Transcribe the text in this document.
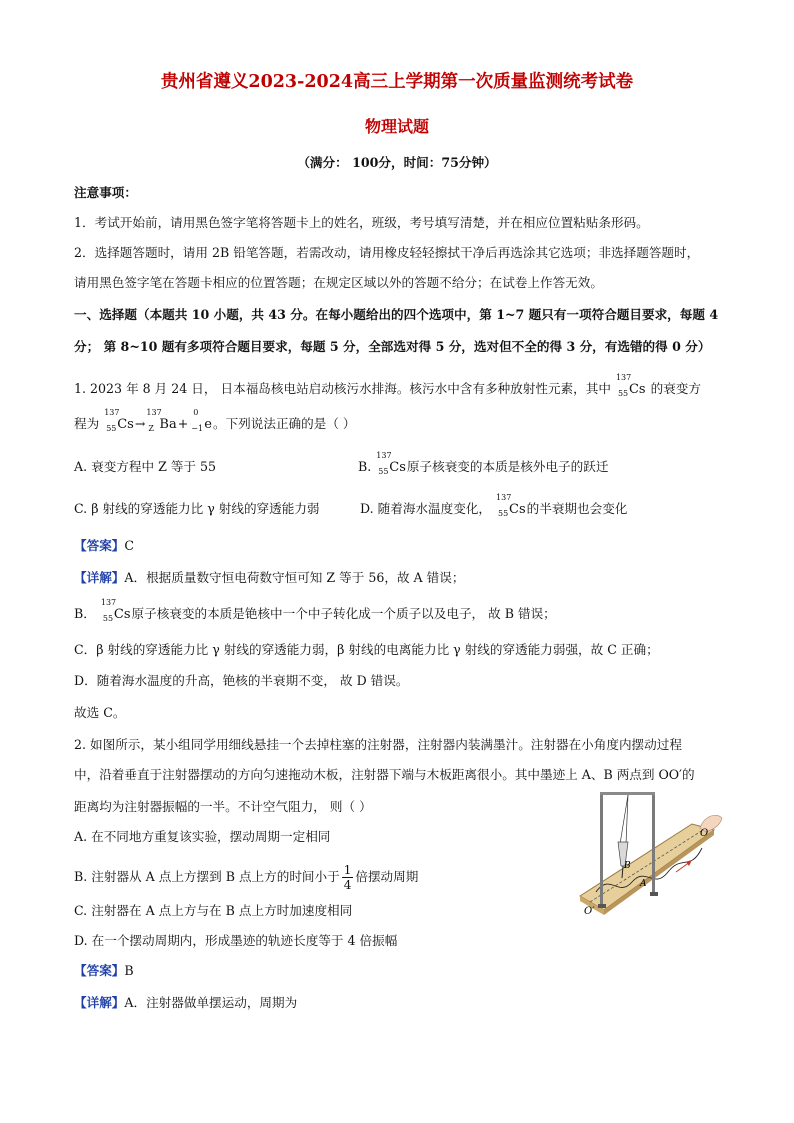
贵州省遵义2023-2024高三上学期第一次质量监测统考试卷
物理试题
（满分： 100分，时间：75分钟）
注意事项：
1．考试开始前，请用黑色签字笔将答题卡上的姓名，班级，考号填写清楚，并在相应位置粘贴条形码。
2．选择题答题时，请用 2B 铅笔答题，若需改动，请用橡皮轻轻擦拭干净后再选涂其它选项；非选择题答题时，
请用黑色签字笔在答题卡相应的位置答题；在规定区域以外的答题不给分；在试卷上作答无效。
一、选择题（本题共 10 小题，共 43 分。在每小题给出的四个选项中，第 1~7 题只有一项符合题目要求，每题 4
分； 第 8~10 题有多项符合题目要求，每题 5 分，全部选对得 5 分，选对但不全的得 3 分，有选错的得 0 分）
1. 2023 年 8 月 24 日， 日本福岛核电站启动核污水排海。核污水中含有多种放射性元素，其中
137
55 Cs 的衰变方
程为
137
55 Cs→
137
Z Ba+
0
−1 e。下列说法正确的是（ ）
A. 衰变方程中 Z 等于 55	B.
137
55 Cs原子核衰变的本质是核外电子的跃迁
C. β 射线的穿透能力比 γ 射线的穿透能力弱	D. 随着海水温度变化，
137
55 Cs的半衰期也会变化
【答案】C
【详解】A．根据质量数守恒电荷数守恒可知 Z 等于 56，故 A 错误；
B．
137
55 Cs原子核衰变的本质是铯核中一个中子转化成一个质子以及电子， 故 B 错误；
C．β 射线的穿透能力比 γ 射线的穿透能力弱，β 射线的电离能力比 γ 射线的穿透能力弱强，故 C 正确；
D．随着海水温度的升高，铯核的半衰期不变， 故 D 错误。
故选 C。
2. 如图所示，某小组同学用细线悬挂一个去掉柱塞的注射器，注射器内装满墨汁。注射器在小角度内摆动过程
中，沿着垂直于注射器摆动的方向匀速拖动木板，注射器下端与木板距离很小。其中墨迹上 A、B 两点到 OO′的
距离均为注射器振幅的一半。不计空气阻力， 则（ ）
A. 在不同地方重复该实验，摆动周期一定相同
B. 注射器从 A 点上方摆到 B 点上方的时间小于 $\frac{1}{4}$ 倍摆动周期
C. 注射器在 A 点上方与在 B 点上方时加速度相同
D. 在一个摆动周期内，形成墨迹的轨迹长度等于 4 倍振幅
【答案】B
【详解】A．注射器做单摆运动，周期为
O
O′
A
B
